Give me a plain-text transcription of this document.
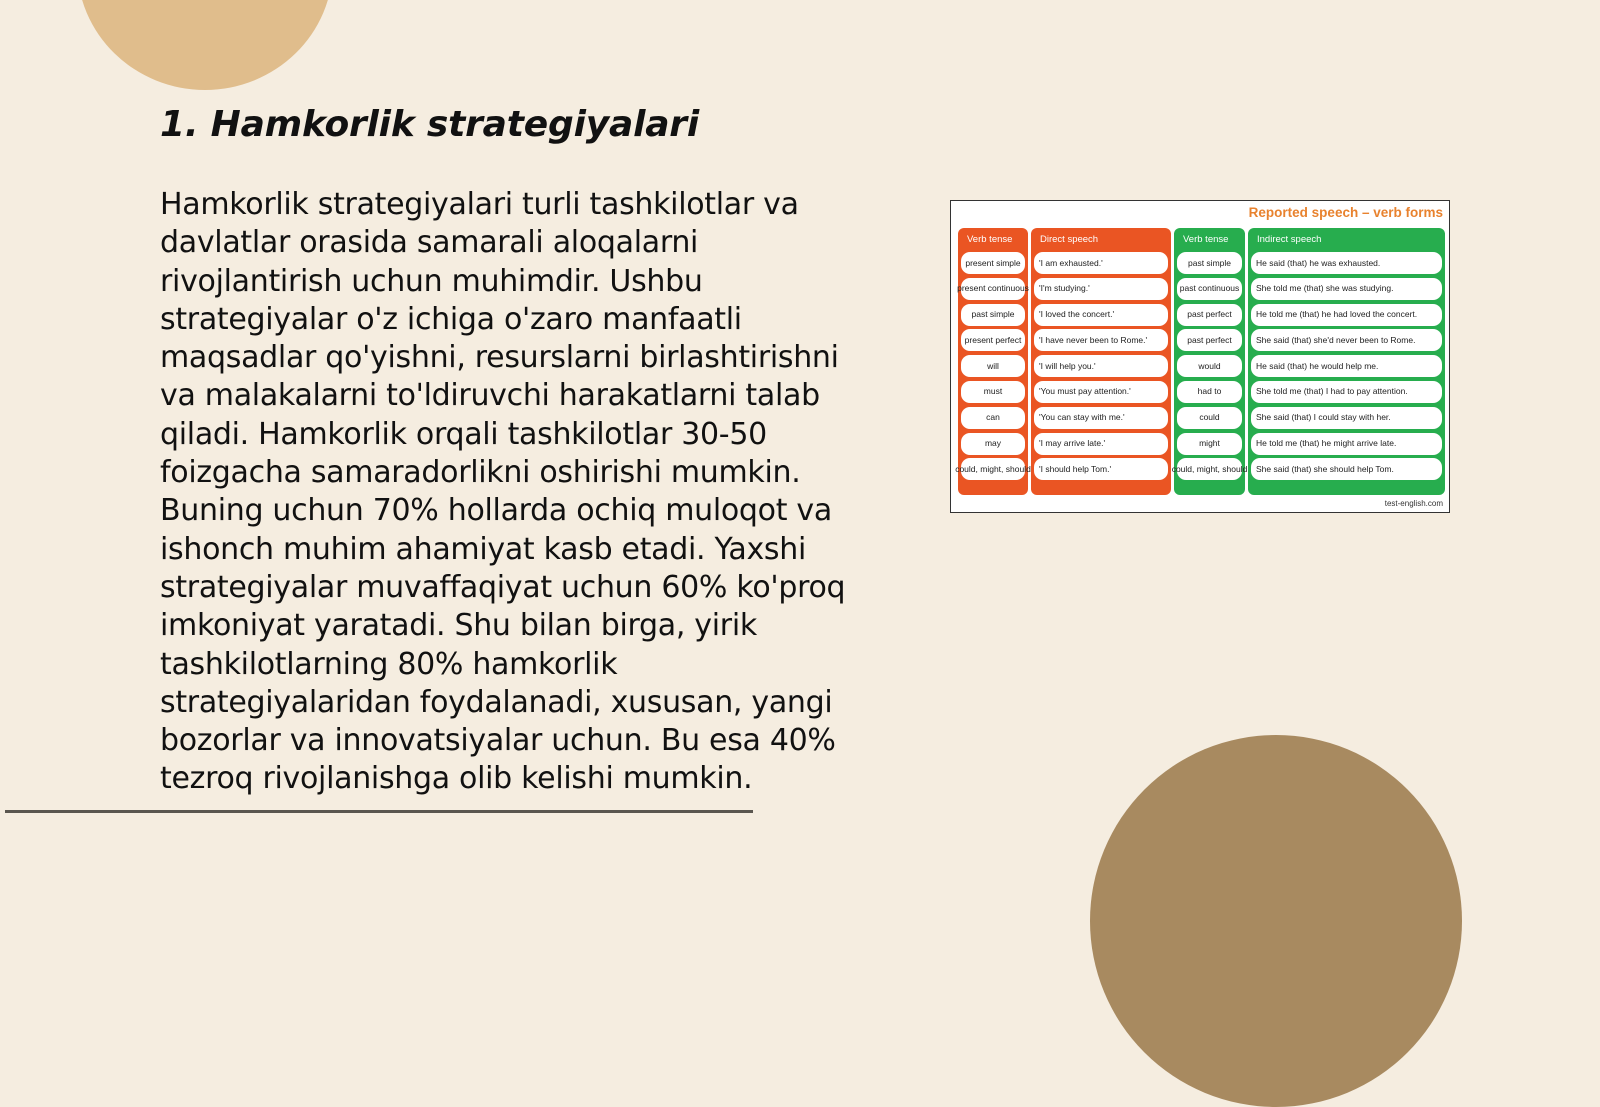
1. Hamkorlik strategiyalari

Hamkorlik strategiyalari turli tashkilotlar va davlatlar orasida samarali aloqalarni rivojlantirish uchun muhimdir. Ushbu strategiyalar o'z ichiga o'zaro manfaatli maqsadlar qo'yishni, resurslarni birlashtirishni va malakalarni to'ldiruvchi harakatlarni talab qiladi. Hamkorlik orqali tashkilotlar 30-50 foizgacha samaradorlikni oshirishi mumkin. Buning uchun 70% hollarda ochiq muloqot va ishonch muhim ahamiyat kasb etadi. Yaxshi strategiyalar muvaffaqiyat uchun 60% ko'proq imkoniyat yaratadi. Shu bilan birga, yirik tashkilotlarning 80% hamkorlik strategiyalaridan foydalanadi, xususan, yangi bozorlar va innovatsiyalar uchun. Bu esa 40% tezroq rivojlanishga olib kelishi mumkin.

Reported speech – verb forms
Verb tense
present simple
present continuous
past simple
present perfect
will
must
can
may
could, might, should
Direct speech
'I am exhausted.'
'I'm studying.'
'I loved the concert.'
'I have never been to Rome.'
'I will help you.'
'You must pay attention.'
'You can stay with me.'
'I may arrive late.'
'I should help Tom.'
Verb tense
past simple
past continuous
past perfect
past perfect
would
had to
could
might
could, might, should
Indirect speech
He said (that) he was exhausted.
She told me (that) she was studying.
He told me (that) he had loved the concert.
She said (that) she'd never been to Rome.
He said (that) he would help me.
She told me (that) I had to pay attention.
She said (that) I could stay with her.
He told me (that) he might arrive late.
She said (that) she should help Tom.
test-english.com
